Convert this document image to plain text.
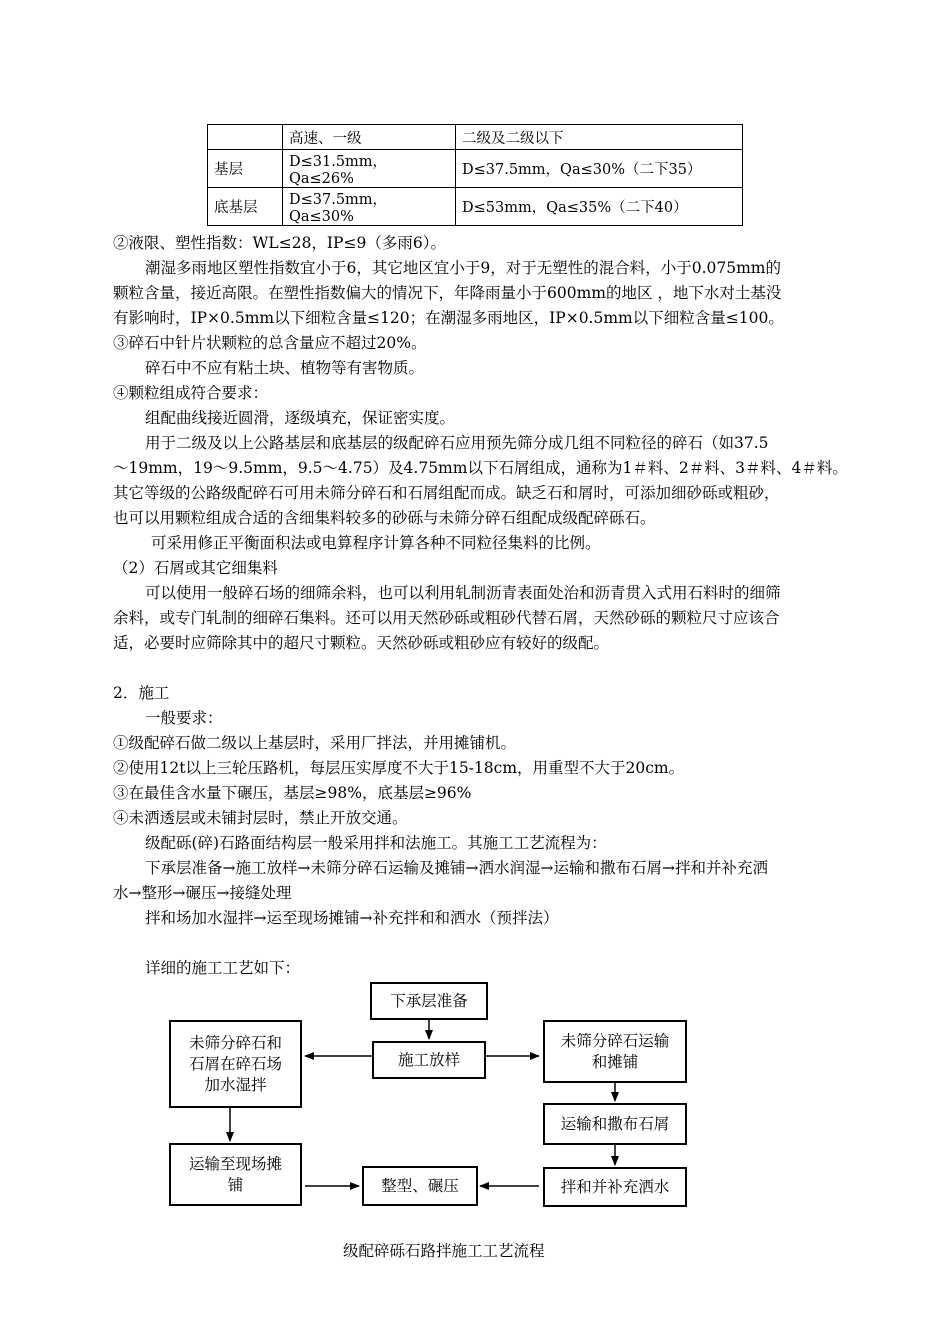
	高速、一级	二级及二级以下
基层	D≤31.5mm，Qa≤26%	D≤37.5mm，Qa≤30%（二下35）
底基层	D≤37.5mm，Qa≤30%	D≤53mm，Qa≤35%（二下40）
②液限、塑性指数：WL≤28，IP≤9（多雨6）。
潮湿多雨地区塑性指数宜小于6，其它地区宜小于9，对于无塑性的混合料，小于0.075mm的
颗粒含量，接近高限。在塑性指数偏大的情况下，年降雨量小于600mm的地区 ，地下水对土基没
有影响时，IP×0.5mm以下细粒含量≤120；在潮湿多雨地区，IP×0.5mm以下细粒含量≤100。
③碎石中针片状颗粒的总含量应不超过20%。
碎石中不应有粘土块、植物等有害物质。
④颗粒组成符合要求：
组配曲线接近圆滑，逐级填充，保证密实度。
用于二级及以上公路基层和底基层的级配碎石应用预先筛分成几组不同粒径的碎石（如37.5
～19mm，19～9.5mm，9.5～4.75）及4.75mm以下石屑组成，通称为1＃料、2＃料、3＃料、4＃料。
其它等级的公路级配碎石可用未筛分碎石和石屑组配而成。缺乏石和屑时，可添加细砂砾或粗砂，
也可以用颗粒组成合适的含细集料较多的砂砾与未筛分碎石组配成级配碎砾石。
可采用修正平衡面积法或电算程序计算各种不同粒径集料的比例。
（2）石屑或其它细集料
可以使用一般碎石场的细筛余料，也可以利用轧制沥青表面处治和沥青贯入式用石料时的细筛
余料，或专门轧制的细碎石集料。还可以用天然砂砾或粗砂代替石屑，天然砂砾的颗粒尺寸应该合
适，必要时应筛除其中的超尺寸颗粒。天然砂砾或粗砂应有较好的级配。
2．施工
一般要求：
①级配碎石做二级以上基层时，采用厂拌法，并用摊铺机。
②使用12t以上三轮压路机，每层压实厚度不大于15-18cm，用重型不大于20cm。
③在最佳含水量下碾压，基层≥98%，底基层≥96%
④未洒透层或未铺封层时，禁止开放交通。
级配砾(碎)石路面结构层一般采用拌和法施工。其施工工艺流程为：
下承层准备→施工放样→未筛分碎石运输及摊铺→洒水润湿→运输和撒布石屑→拌和并补充洒
水→整形→碾压→接缝处理
拌和场加水湿拌→运至现场摊铺→补充拌和和洒水（预拌法）
详细的施工工艺如下：
下承层准备
施工放样
未筛分碎石和
石屑在碎石场
加水湿拌
未筛分碎石运输
和摊铺
运输和撒布石屑
运输至现场摊
铺	整型、碾压	拌和并补充洒水
级配碎砾石路拌施工工艺流程
